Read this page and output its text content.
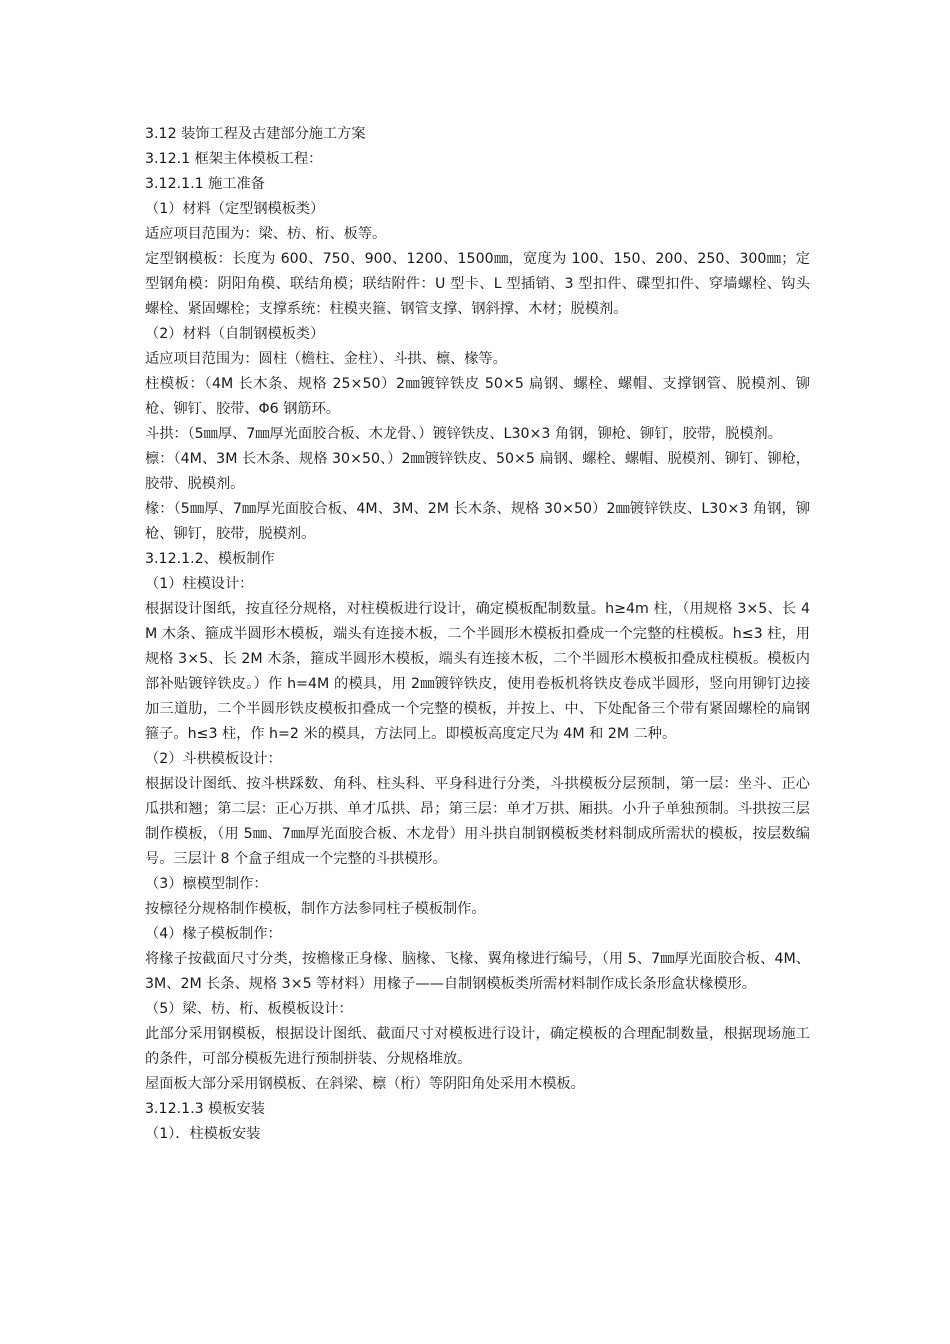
3.12 装饰工程及古建部分施工方案

3.12.1 框架主体模板工程：

3.12.1.1 施工准备

（1）材料（定型钢模板类）

适应项目范围为：梁、枋、桁、板等。

定型钢模板：长度为 600、750、900、1200、1500㎜，宽度为 100、150、200、250、300㎜；定型钢角模：阴阳角模、联结角模；联结附件：U 型卡、L 型插销、3 型扣件、碟型扣件、穿墙螺栓、钩头螺栓、紧固螺栓；支撑系统：柱模夹箍、钢管支撑、钢斜撑、木材；脱模剂。

（2）材料（自制钢模板类）

适应项目范围为：圆柱（檐柱、金柱）、斗拱、檩、椽等。

柱模板：（4M 长木条、规格 25×50）2㎜镀锌铁皮 50×5 扁钢、螺栓、螺帽、支撑钢管、脱模剂、铆枪、铆钉、胶带、Φ6 钢筋环。

斗拱：（5㎜厚、7㎜厚光面胶合板、木龙骨、）镀锌铁皮、L30×3 角钢，铆枪、铆钉，胶带，脱模剂。

檩：（4M、3M 长木条、规格 30×50、）2㎜镀锌铁皮、50×5 扁钢、螺栓、螺帽、脱模剂、铆钉、铆枪，胶带、脱模剂。

椽：（5㎜厚、7㎜厚光面胶合板、4M、3M、2M 长木条、规格 30×50）2㎜镀锌铁皮、L30×3 角钢，铆枪、铆钉，胶带，脱模剂。

3.12.1.2、模板制作

（1）柱模设计：

根据设计图纸，按直径分规格，对柱模板进行设计，确定模板配制数量。h≥4m 柱，（用规格 3×5、长 4M 木条、箍成半圆形木模板，端头有连接木板，二个半圆形木模板扣叠成一个完整的柱模板。h≤3 柱，用规格 3×5、长 2M 木条，箍成半圆形木模板，端头有连接木板，二个半圆形木模板扣叠成柱模板。模板内部补贴镀锌铁皮。）作 h=4M 的模具，用 2㎜镀锌铁皮，使用卷板机将铁皮卷成半圆形，竖向用铆钉边接加三道肋，二个半圆形铁皮模板扣叠成一个完整的模板，并按上、中、下处配备三个带有紧固螺栓的扁钢箍子。h≤3 柱，作 h=2 米的模具，方法同上。即模板高度定尺为 4M 和 2M 二种。

（2）斗栱模板设计：

根据设计图纸、按斗栱踩数、角科、柱头科、平身科进行分类，斗拱模板分层预制，第一层：坐斗、正心瓜拱和翘；第二层：正心万拱、单才瓜拱、昂；第三层：单才万拱、厢拱。小升子单独预制。斗拱按三层制作模板，（用 5㎜、7㎜厚光面胶合板、木龙骨）用斗拱自制钢模板类材料制成所需状的模板，按层数编号。三层计 8 个盒子组成一个完整的斗拱模形。

（3）檩模型制作：

按檩径分规格制作模板，制作方法参同柱子模板制作。

（4）椽子模板制作：

将椽子按截面尺寸分类，按檐椽正身椽、脑椽、飞椽、翼角椽进行编号，（用 5、7㎜厚光面胶合板、4M、3M、2M 长条、规格 3×5 等材料）用椽子——自制钢模板类所需材料制作成长条形盒状椽模形。

（5）梁、枋、桁、板模板设计：

此部分采用钢模板，根据设计图纸、截面尺寸对模板进行设计，确定模板的合理配制数量，根据现场施工的条件，可部分模板先进行预制拼装、分规格堆放。

屋面板大部分采用钢模板、在斜梁、檩（桁）等阴阳角处采用木模板。

3.12.1.3 模板安装

（1）．柱模板安装
